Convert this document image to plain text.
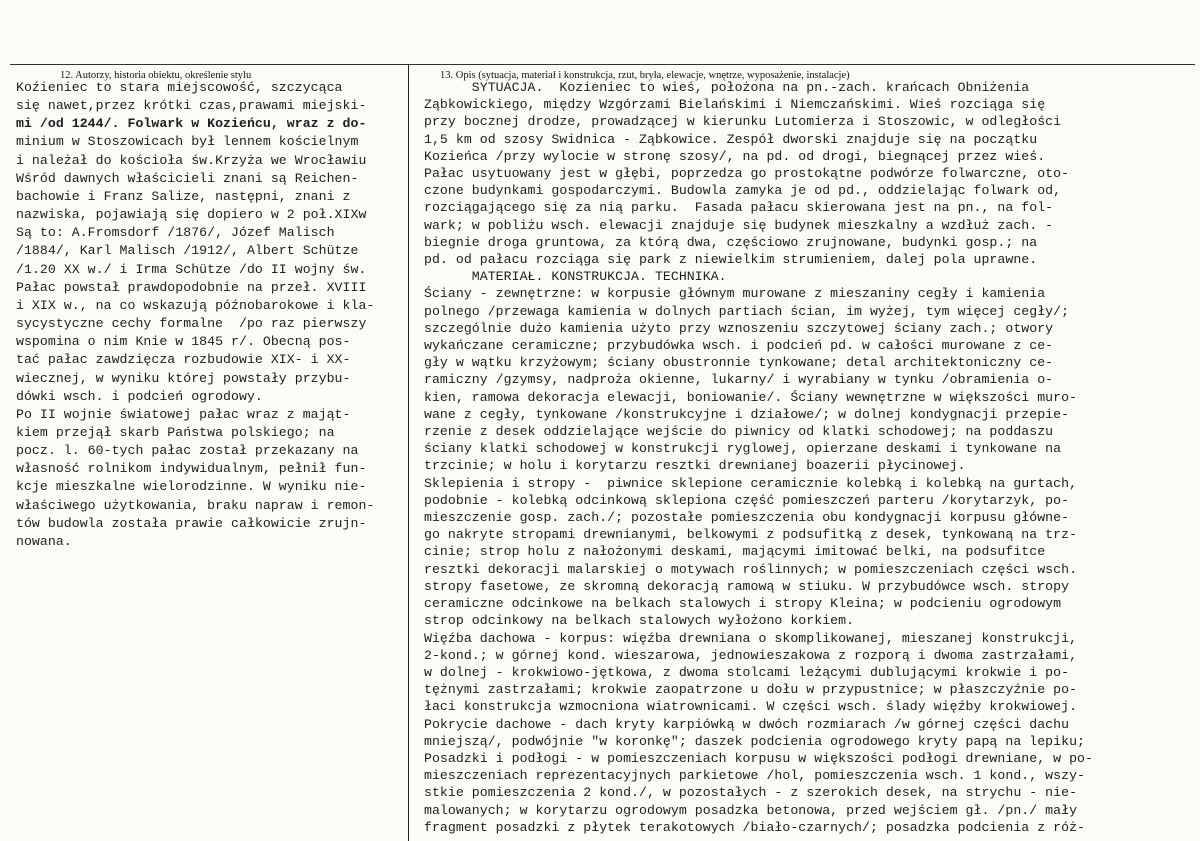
12. Autorzy, historia obiektu, określenie stylu	13. Opis (sytuacja, materiał i konstrukcja, rzut, bryła, elewacje, wnętrze, wyposażenie, instalacje)
Koźieniec to stara miejscowość, szczycąca
się nawet,przez krótki czas,prawami miejski-
mi /od 1244/. Folwark w Kozieńcu, wraz z do-
minium w Stoszowicach był lennem kościelnym
i należał do kościoła św.Krzyża we Wrocławiu
Wśród dawnych właścicieli znani są Reichen-
bachowie i Franz Salize, następni, znani z
nazwiska, pojawiają się dopiero w 2 poł.XIXw
Są to: A.Fromsdorf /1876/, Józef Malisch
/1884/, Karl Malisch /1912/, Albert Schütze
/1.20 XX w./ i Irma Schütze /do II wojny św.
Pałac powstał prawdopodobnie na przeł. XVIII
i XIX w., na co wskazują późnobarokowe i kla-
sycystyczne cechy formalne  /po raz pierwszy
wspomina o nim Knie w 1845 r/. Obecną pos-
tać pałac zawdzięcza rozbudowie XIX- i XX-
wiecznej, w wyniku której powstały przybu-
dówki wsch. i podcień ogrodowy.
Po II wojnie światowej pałac wraz z mająt-
kiem przejął skarb Państwa polskiego; na
pocz. l. 60-tych pałac został przekazany na
własność rolnikom indywidualnym, pełnił fun-
kcje mieszkalne wielorodzinne. W wyniku nie-
właściwego użytkowania, braku napraw i remon-
tów budowla została prawie całkowicie zrujn-
nowana.
SYTUACJA.  Kozieniec to wieś, położona na pn.-zach. krańcach Obniżenia
Ząbkowickiego, między Wzgórzami Bielańskimi i Niemczańskimi. Wieś rozciąga się
przy bocznej drodze, prowadzącej w kierunku Lutomierza i Stoszowic, w odległości
1,5 km od szosy Swidnica - Ząbkowice. Zespół dworski znajduje się na początku
Kozieńca /przy wylocie w stronę szosy/, na pd. od drogi, biegnącej przez wieś.
Pałac usytuowany jest w głębi, poprzedza go prostokątne podwórze folwarczne, oto-
czone budynkami gospodarczymi. Budowla zamyka je od pd., oddzielając folwark od,
rozciągającego się za nią parku.  Fasada pałacu skierowana jest na pn., na fol-
wark; w pobliżu wsch. elewacji znajduje się budynek mieszkalny a wzdłuż zach. -
biegnie droga gruntowa, za którą dwa, częściowo zrujnowane, budynki gosp.; na
pd. od pałacu rozciąga się park z niewielkim strumieniem, dalej pola uprawne.
MATERIAŁ. KONSTRUKCJA. TECHNIKA.
Ściany - zewnętrzne: w korpusie głównym murowane z mieszaniny cegły i kamienia
polnego /przewaga kamienia w dolnych partiach ścian, im wyżej, tym więcej cegły/;
szczególnie dużo kamienia użyto przy wznoszeniu szczytowej ściany zach.; otwory
wykańczane ceramiczne; przybudówka wsch. i podcień pd. w całości murowane z ce-
gły w wątku krzyżowym; ściany obustronnie tynkowane; detal architektoniczny ce-
ramiczny /gzymsy, nadproża okienne, lukarny/ i wyrabiany w tynku /obramienia o-
kien, ramowa dekoracja elewacji, boniowanie/. Ściany wewnętrzne w większości muro-
wane z cegły, tynkowane /konstrukcyjne i działowe/; w dolnej kondygnacji przepie-
rzenie z desek oddzielające wejście do piwnicy od klatki schodowej; na poddaszu
ściany klatki schodowej w konstrukcji ryglowej, opierzane deskami i tynkowane na
trzcinie; w holu i korytarzu resztki drewnianej boazerii płycinowej.
Sklepienia i stropy -  piwnice sklepione ceramicznie kolebką i kolebką na gurtach,
podobnie - kolebką odcinkową sklepiona część pomieszczeń parteru /korytarzyk, po-
mieszczenie gosp. zach./; pozostałe pomieszczenia obu kondygnacji korpusu główne-
go nakryte stropami drewnianymi, belkowymi z podsufitką z desek, tynkowaną na trz-
cinie; strop holu z nałożonymi deskami, mającymi imitować belki, na podsufitce
resztki dekoracji malarskiej o motywach roślinnych; w pomieszczeniach części wsch.
stropy fasetowe, ze skromną dekoracją ramową w stiuku. W przybudówce wsch. stropy
ceramiczne odcinkowe na belkach stalowych i stropy Kleina; w podcieniu ogrodowym
strop odcinkowy na belkach stalowych wyłożono korkiem.
Więźba dachowa - korpus: więźba drewniana o skomplikowanej, mieszanej konstrukcji,
2-kond.; w górnej kond. wieszarowa, jednowieszakowa z rozporą i dwoma zastrzałami,
w dolnej - krokwiowo-jętkowa, z dwoma stolcami leżącymi dublującymi krokwie i po-
tężnymi zastrzałami; krokwie zaopatrzone u dołu w przypustnice; w płaszczyźnie po-
łaci konstrukcja wzmocniona wiatrownicami. W części wsch. ślady więźby krokwiowej.
Pokrycie dachowe - dach kryty karpiówką w dwóch rozmiarach /w górnej części dachu
mniejszą/, podwójnie "w koronkę"; daszek podcienia ogrodowego kryty papą na lepiku;
Posadzki i podłogi - w pomieszczeniach korpusu w większości podłogi drewniane, w po-
mieszczeniach reprezentacyjnych parkietowe /hol, pomieszczenia wsch. 1 kond., wszy-
stkie pomieszczenia 2 kond./, w pozostałych - z szerokich desek, na strychu - nie-
malowanych; w korytarzu ogrodowym posadzka betonowa, przed wejściem gł. /pn./ mały
fragment posadzki z płytek terakotowych /biało-czarnych/; posadzka podcienia z róż-
